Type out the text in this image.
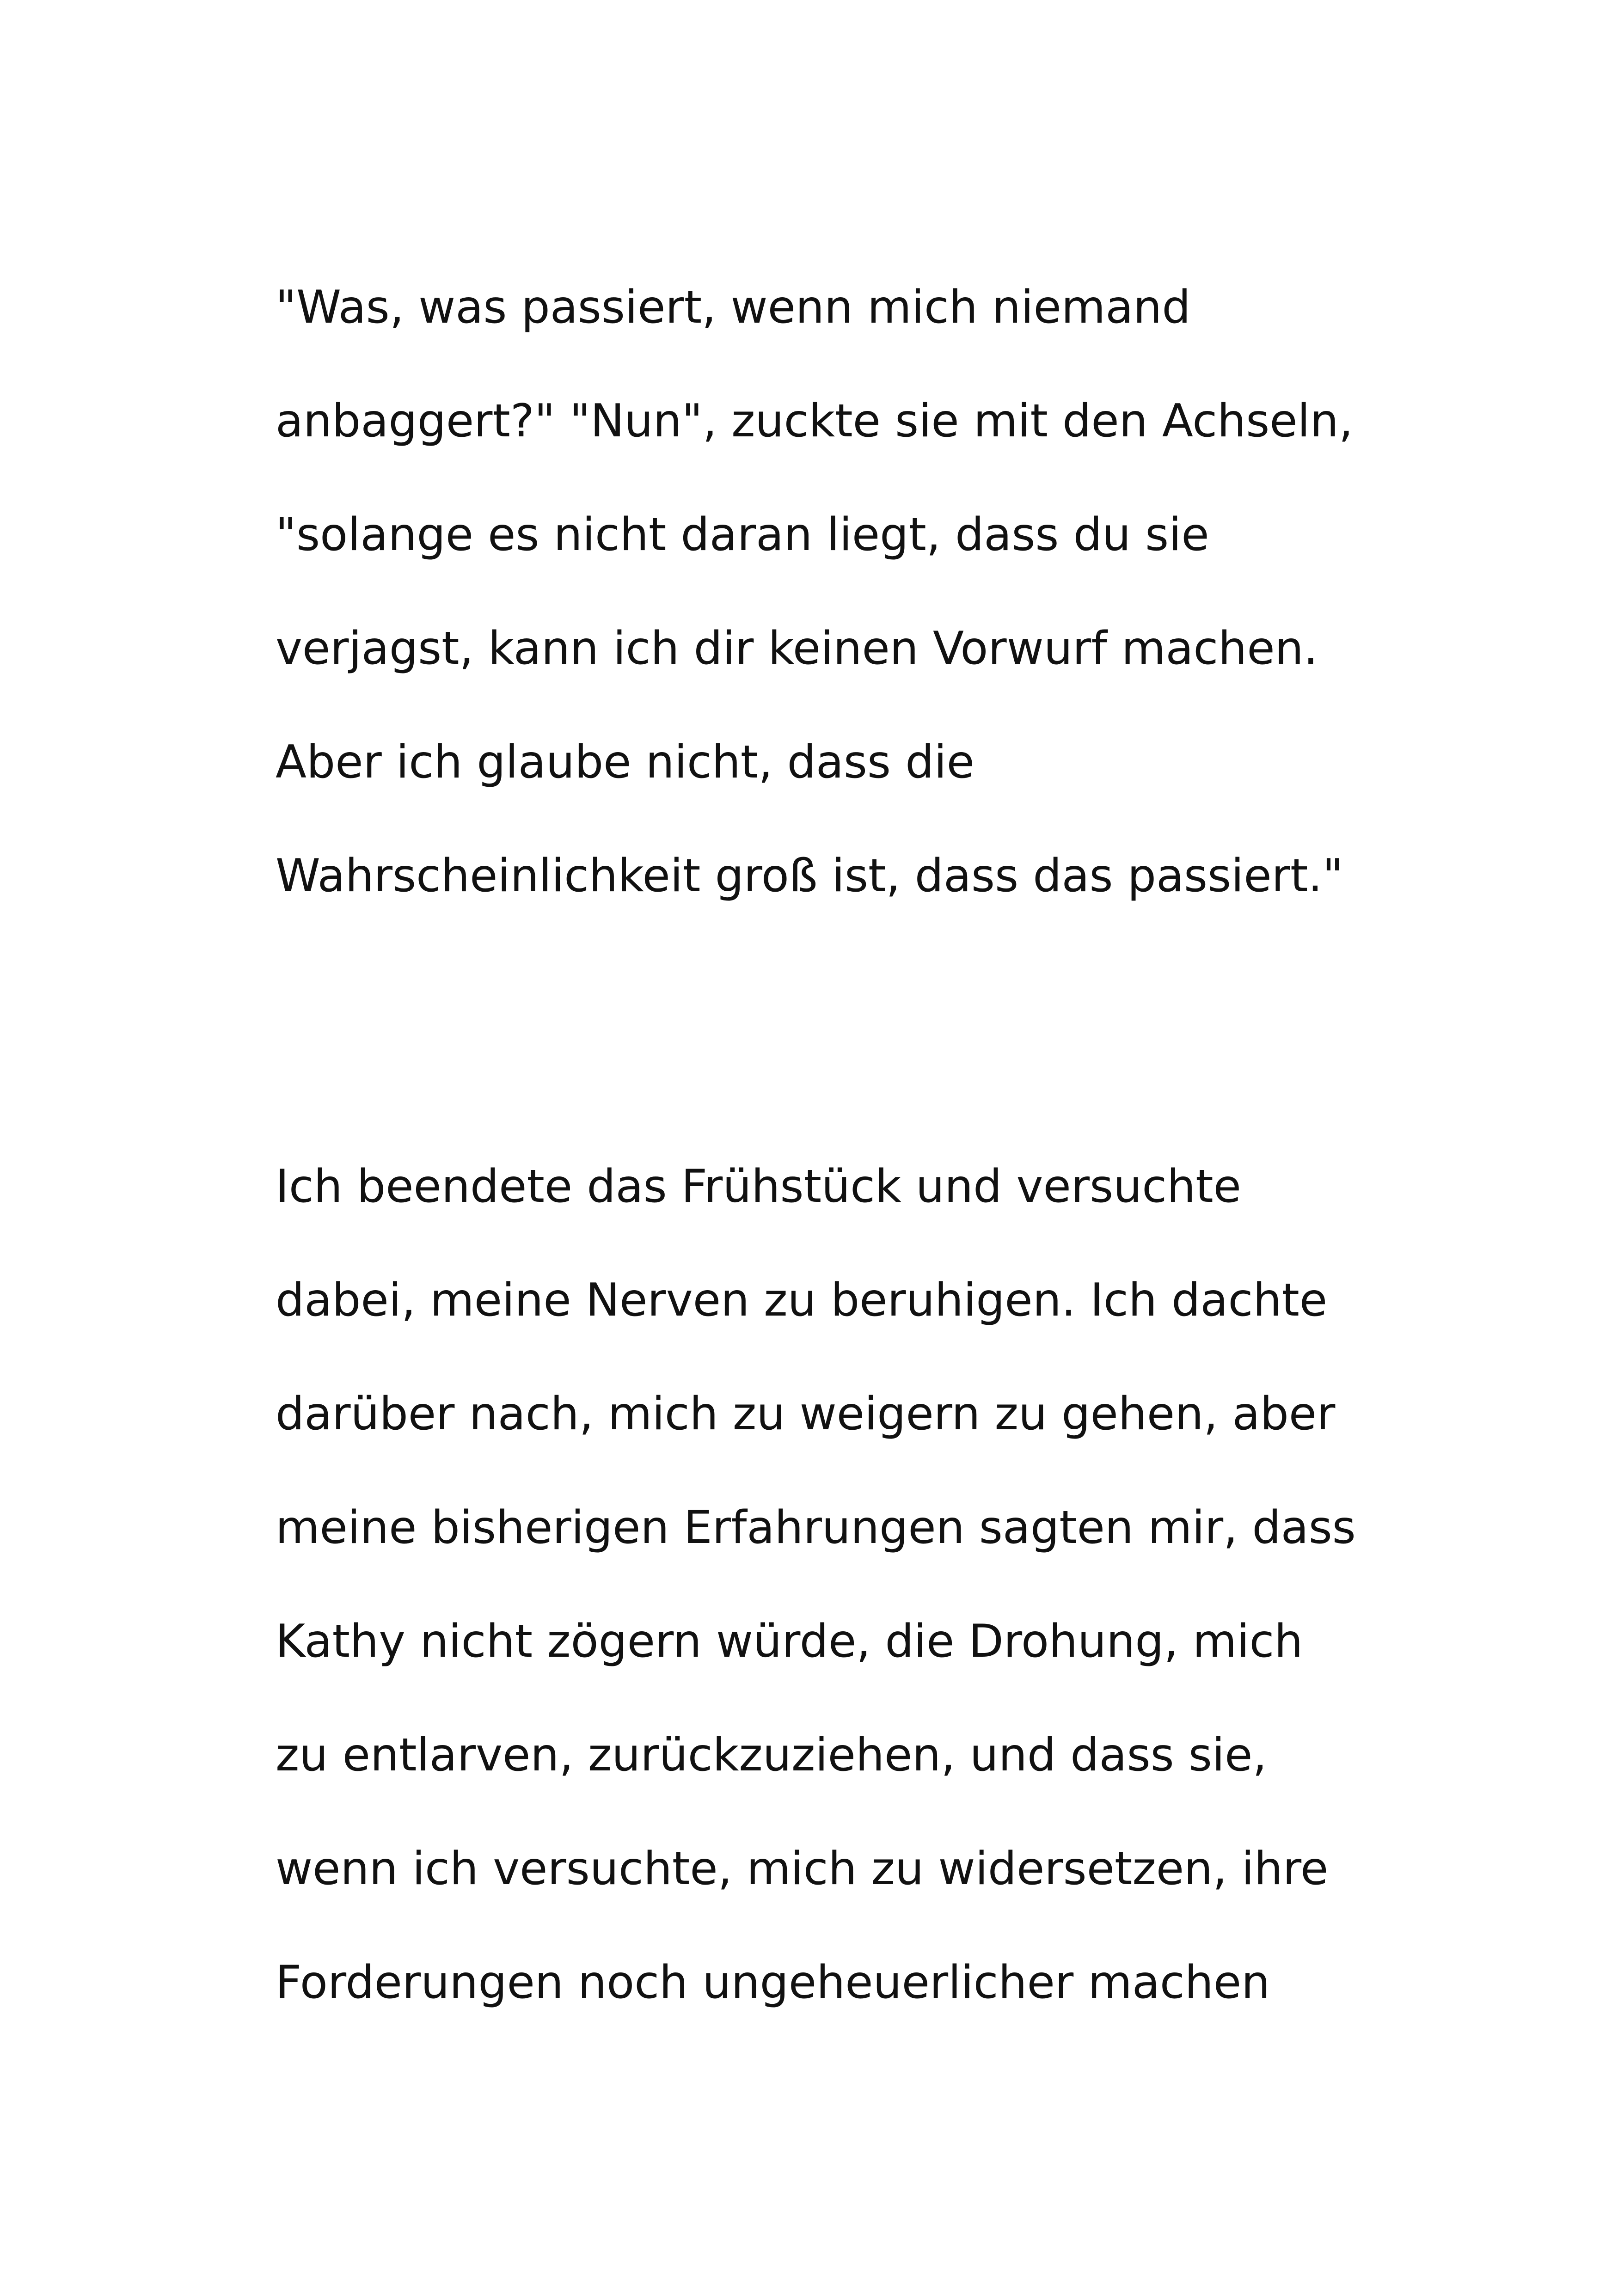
"Was, was passiert, wenn mich niemand
anbaggert?" "Nun", zuckte sie mit den Achseln,
"solange es nicht daran liegt, dass du sie
verjagst, kann ich dir keinen Vorwurf machen.
Aber ich glaube nicht, dass die
Wahrscheinlichkeit groß ist, dass das passiert."
Ich beendete das Frühstück und versuchte
dabei, meine Nerven zu beruhigen. Ich dachte
darüber nach, mich zu weigern zu gehen, aber
meine bisherigen Erfahrungen sagten mir, dass
Kathy nicht zögern würde, die Drohung, mich
zu entlarven, zurückzuziehen, und dass sie,
wenn ich versuchte, mich zu widersetzen, ihre
Forderungen noch ungeheuerlicher machen
